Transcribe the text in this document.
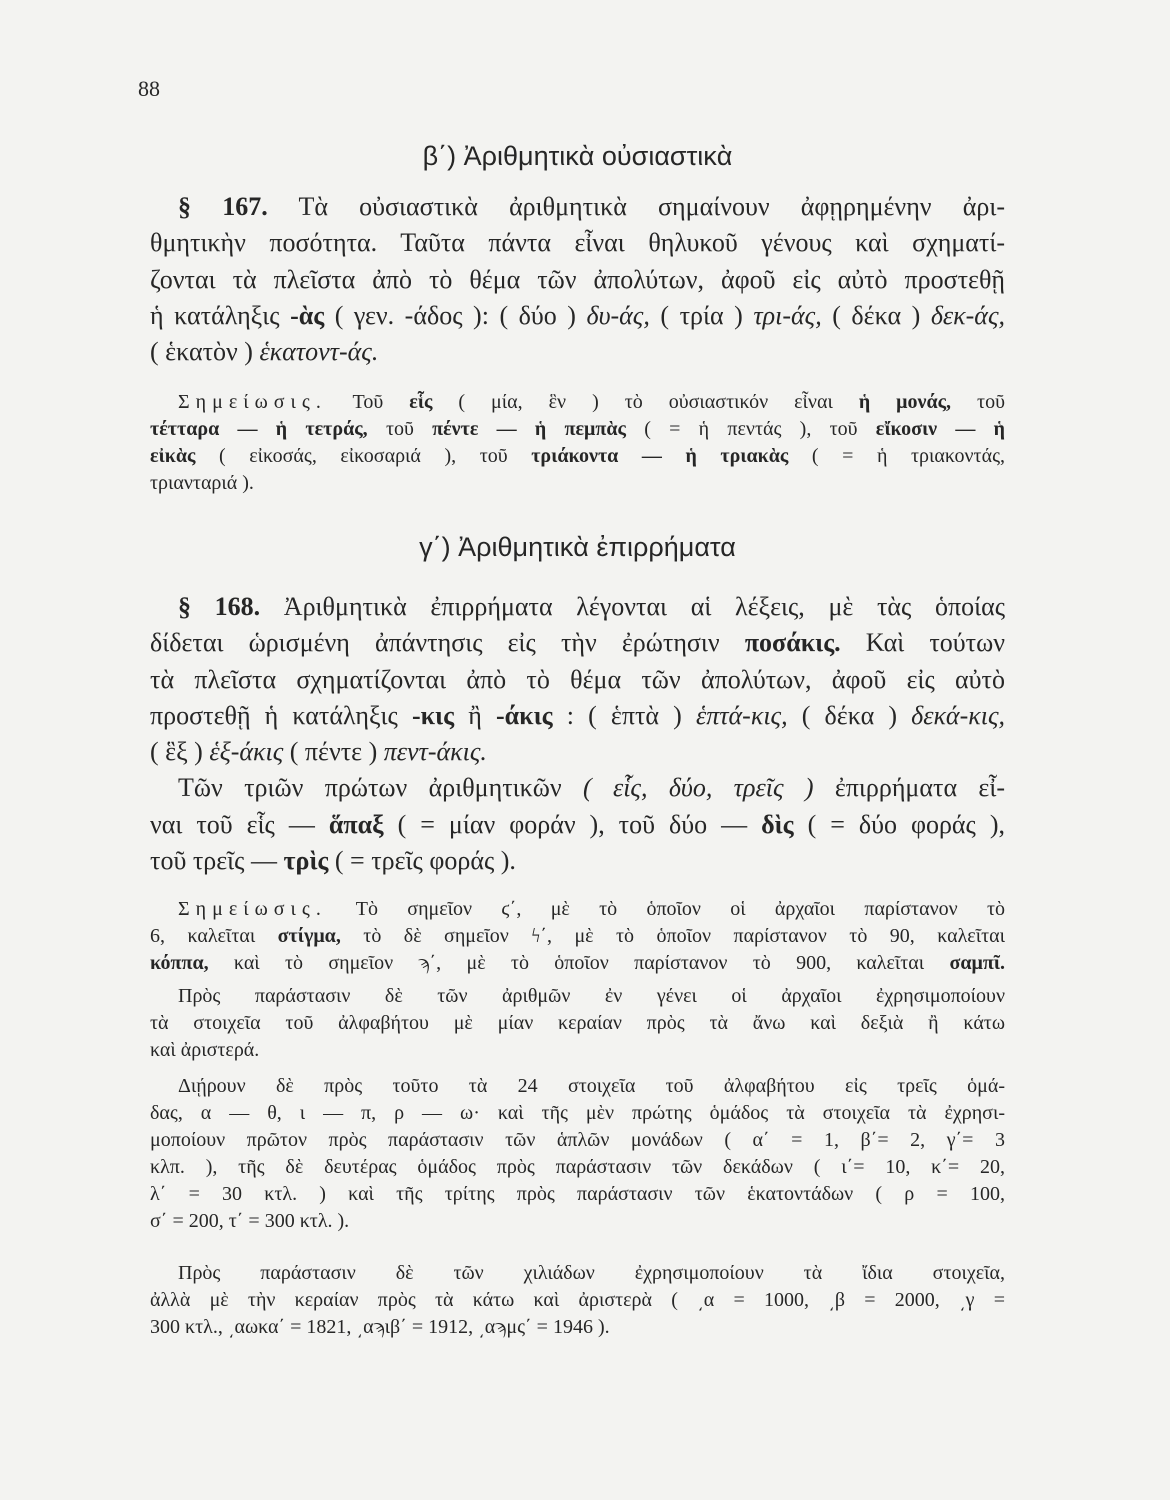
88
β΄) Ἀριθμητικὰ οὐσιαστικὰ
γ΄) Ἀριθμητικὰ ἐπιρρήματα
§ 167. Τὰ οὐσιαστικὰ ἀριθμητικὰ σημαίνουν ἀφῃρημένην ἀρι-
θμητικὴν ποσότητα. Ταῦτα πάντα εἶναι θηλυκοῦ γένους καὶ σχηματί-
ζονται τὰ πλεῖστα ἀπὸ τὸ θέμα τῶν ἀπολύτων, ἀφοῦ εἰς αὐτὸ προστεθῇ
ἡ κατάληξις -ὰς ( γεν. -άδος ): ( δύο ) δυ-άς, ( τρία ) τρι-άς, ( δέκα ) δεκ-άς,
( ἑκατὸν ) ἑκατοντ-άς.
Σημείωσις. Τοῦ εἷς ( μία, ἓν ) τὸ οὐσιαστικόν εἶναι ἡ μονάς, τοῦ
τέτταρα — ἡ τετράς, τοῦ πέντε — ἡ πεμπὰς ( = ἡ πεντάς ), τοῦ εἴκοσιν — ἡ
εἰκὰς ( εἰκοσάς, εἰκοσαριά ), τοῦ τριάκοντα — ἡ τριακὰς ( = ἡ τριακοντάς,
τριανταριά ).
§ 168. Ἀριθμητικὰ ἐπιρρήματα λέγονται αἱ λέξεις, μὲ τὰς ὁποίας
δίδεται ὡρισμένη ἀπάντησις εἰς τὴν ἐρώτησιν ποσάκις. Καὶ τούτων
τὰ πλεῖστα σχηματίζονται ἀπὸ τὸ θέμα τῶν ἀπολύτων, ἀφοῦ εἰς αὐτὸ
προστεθῇ ἡ κατάληξις -κις ἢ -άκις : ( ἑπτὰ ) ἑπτά-κις, ( δέκα ) δεκά-κις,
( ἓξ ) ἑξ-άκις ( πέντε ) πεντ-άκις.
Τῶν τριῶν πρώτων ἀριθμητικῶν ( εἷς, δύο, τρεῖς ) ἐπιρρήματα εἶ-
ναι τοῦ εἷς — ἅπαξ ( = μίαν φοράν ), τοῦ δύο — δὶς ( = δύο φοράς ),
τοῦ τρεῖς — τρὶς ( = τρεῖς φοράς ).
Σημείωσις. Τὸ σημεῖον ϛ΄, μὲ τὸ ὁποῖον οἱ ἀρχαῖοι παρίστανον τὸ
6, καλεῖται στίγμα, τὸ δὲ σημεῖον ϟ΄, μὲ τὸ ὁποῖον παρίστανον τὸ 90, καλεῖται
κόππα, καὶ τὸ σημεῖον ϡ΄, μὲ τὸ ὁποῖον παρίστανον τὸ 900, καλεῖται σαμπῖ.
Πρὸς παράστασιν δὲ τῶν ἀριθμῶν ἐν γένει οἱ ἀρχαῖοι ἐχρησιμοποίουν
τὰ στοιχεῖα τοῦ ἀλφαβήτου μὲ μίαν κεραίαν πρὸς τὰ ἄνω καὶ δεξιὰ ἢ κάτω
καὶ ἀριστερά.
Διῄρουν δὲ πρὸς τοῦτο τὰ 24 στοιχεῖα τοῦ ἀλφαβήτου εἰς τρεῖς ὁμά-
δας, α — θ, ι — π, ρ — ω· καὶ τῆς μὲν πρώτης ὁμάδος τὰ στοιχεῖα τὰ ἐχρησι-
μοποίουν πρῶτον πρὸς παράστασιν τῶν ἁπλῶν μονάδων ( α΄ = 1, β΄= 2, γ΄= 3
κλπ. ), τῆς δὲ δευτέρας ὁμάδος πρὸς παράστασιν τῶν δεκάδων ( ι΄= 10, κ΄= 20,
λ΄ = 30 κτλ. ) καὶ τῆς τρίτης πρὸς παράστασιν τῶν ἑκατοντάδων ( ρ = 100,
σ΄ = 200, τ΄ = 300 κτλ. ).
Πρὸς παράστασιν δὲ τῶν χιλιάδων ἐχρησιμοποίουν τὰ ἴδια στοιχεῖα,
ἀλλὰ μὲ τὴν κεραίαν πρὸς τὰ κάτω καὶ ἀριστερὰ ( ͵α = 1000, ͵β = 2000, ͵γ =
300 κτλ., ͵αωκα΄ = 1821, ͵αϡιβ΄ = 1912, ͵αϡμς΄ = 1946 ).
